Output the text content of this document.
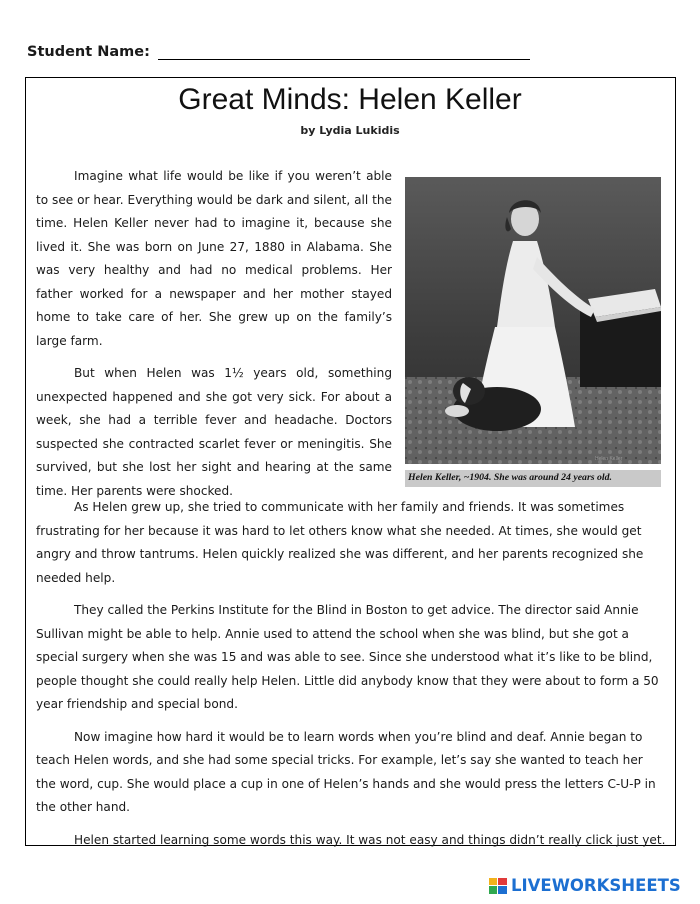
Student Name:
Great Minds: Helen Keller
by Lydia Lukidis

Imagine what life would be like if you weren’t able to see or hear. Everything would be dark and silent, all the time. Helen Keller never had to imagine it, because she lived it. She was born on June 27, 1880 in Alabama. She was very healthy and had no medical problems. Her father worked for a newspaper and her mother stayed home to take care of her. She grew up on the family’s large farm.

But when Helen was 1½ years old, something unexpected happened and she got very sick. For about a week, she had a terrible fever and headache. Doctors suspected she contracted scarlet fever or meningitis. She survived, but she lost her sight and hearing at the same time. Her parents were shocked.

Helen Keller
Helen Keller, ~1904. She was around 24 years old.

As Helen grew up, she tried to communicate with her family and friends. It was sometimes frustrating for her because it was hard to let others know what she needed. At times, she would get angry and throw tantrums. Helen quickly realized she was different, and her parents recognized she needed help.

They called the Perkins Institute for the Blind in Boston to get advice. The director said Annie Sullivan might be able to help. Annie used to attend the school when she was blind, but she got a special surgery when she was 15 and was able to see. Since she understood what it’s like to be blind, people thought she could really help Helen. Little did anybody know that they were about to form a 50 year friendship and special bond.

Now imagine how hard it would be to learn words when you’re blind and deaf. Annie began to teach Helen words, and she had some special tricks. For example, let’s say she wanted to teach her the word, cup. She would place a cup in one of Helen’s hands and she would press the letters C-U-P in the other hand.

Helen started learning some words this way. It was not easy and things didn’t really click just yet.

LIVEWORKSHEETS
